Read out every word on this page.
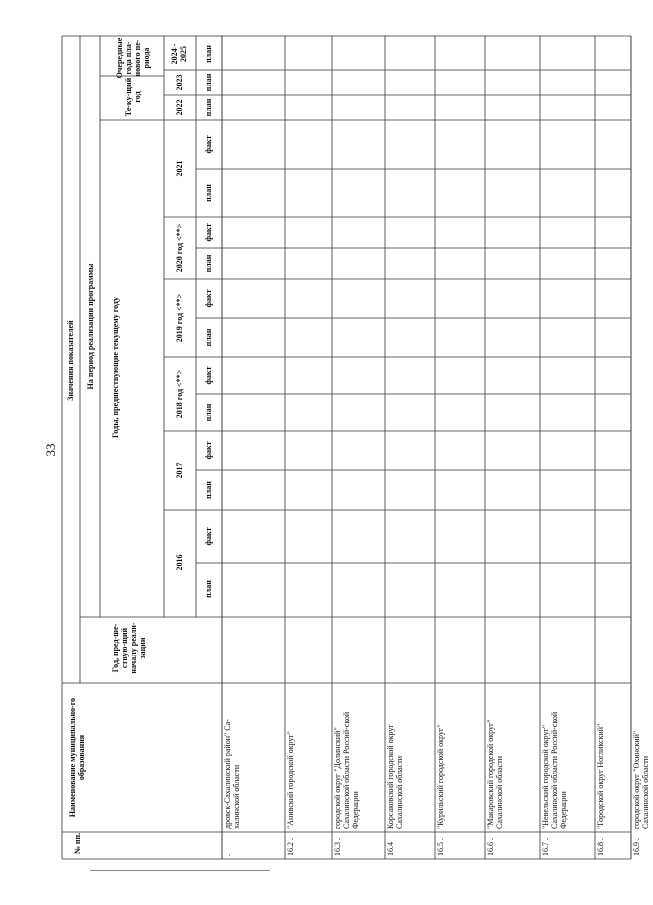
33
№ пп.
Наименование муниципально-го образования
Значения показателей	На период реализации программы
Год, пред-ше-ствую-щий началу реали-зации
Годы, предшествующие текущему году
Те-ку-щий год
Очередные года пла-нового пе-риода
2016
2017
2018 год <**>
2019 год <**>
2020 год <**>
2021
2022
2023
2024 - 2025
план
факт
план
факт
план
факт
план
факт
план
факт
план
факт
план
план
план
.
дровск-Сахалинский район" Са-халинской области
16.2 .
"Анивский городской округ"
16.3 .
городской округ "Долинский" Сахалинской области Россий-ской Федерации
16.4
Корсаковский городской округ Сахалинской области
16.5 .
"Курильский городской округ"
16.6 .
"Макаровский городской округ" Сахалинской области
16.7 .
"Невельский городской округ" Сахалинской области Россий-ской Федерации
16.8 .
"Городской округ Ногликский"
16.9 .
городской округ "Охинский" Сахалинской области
